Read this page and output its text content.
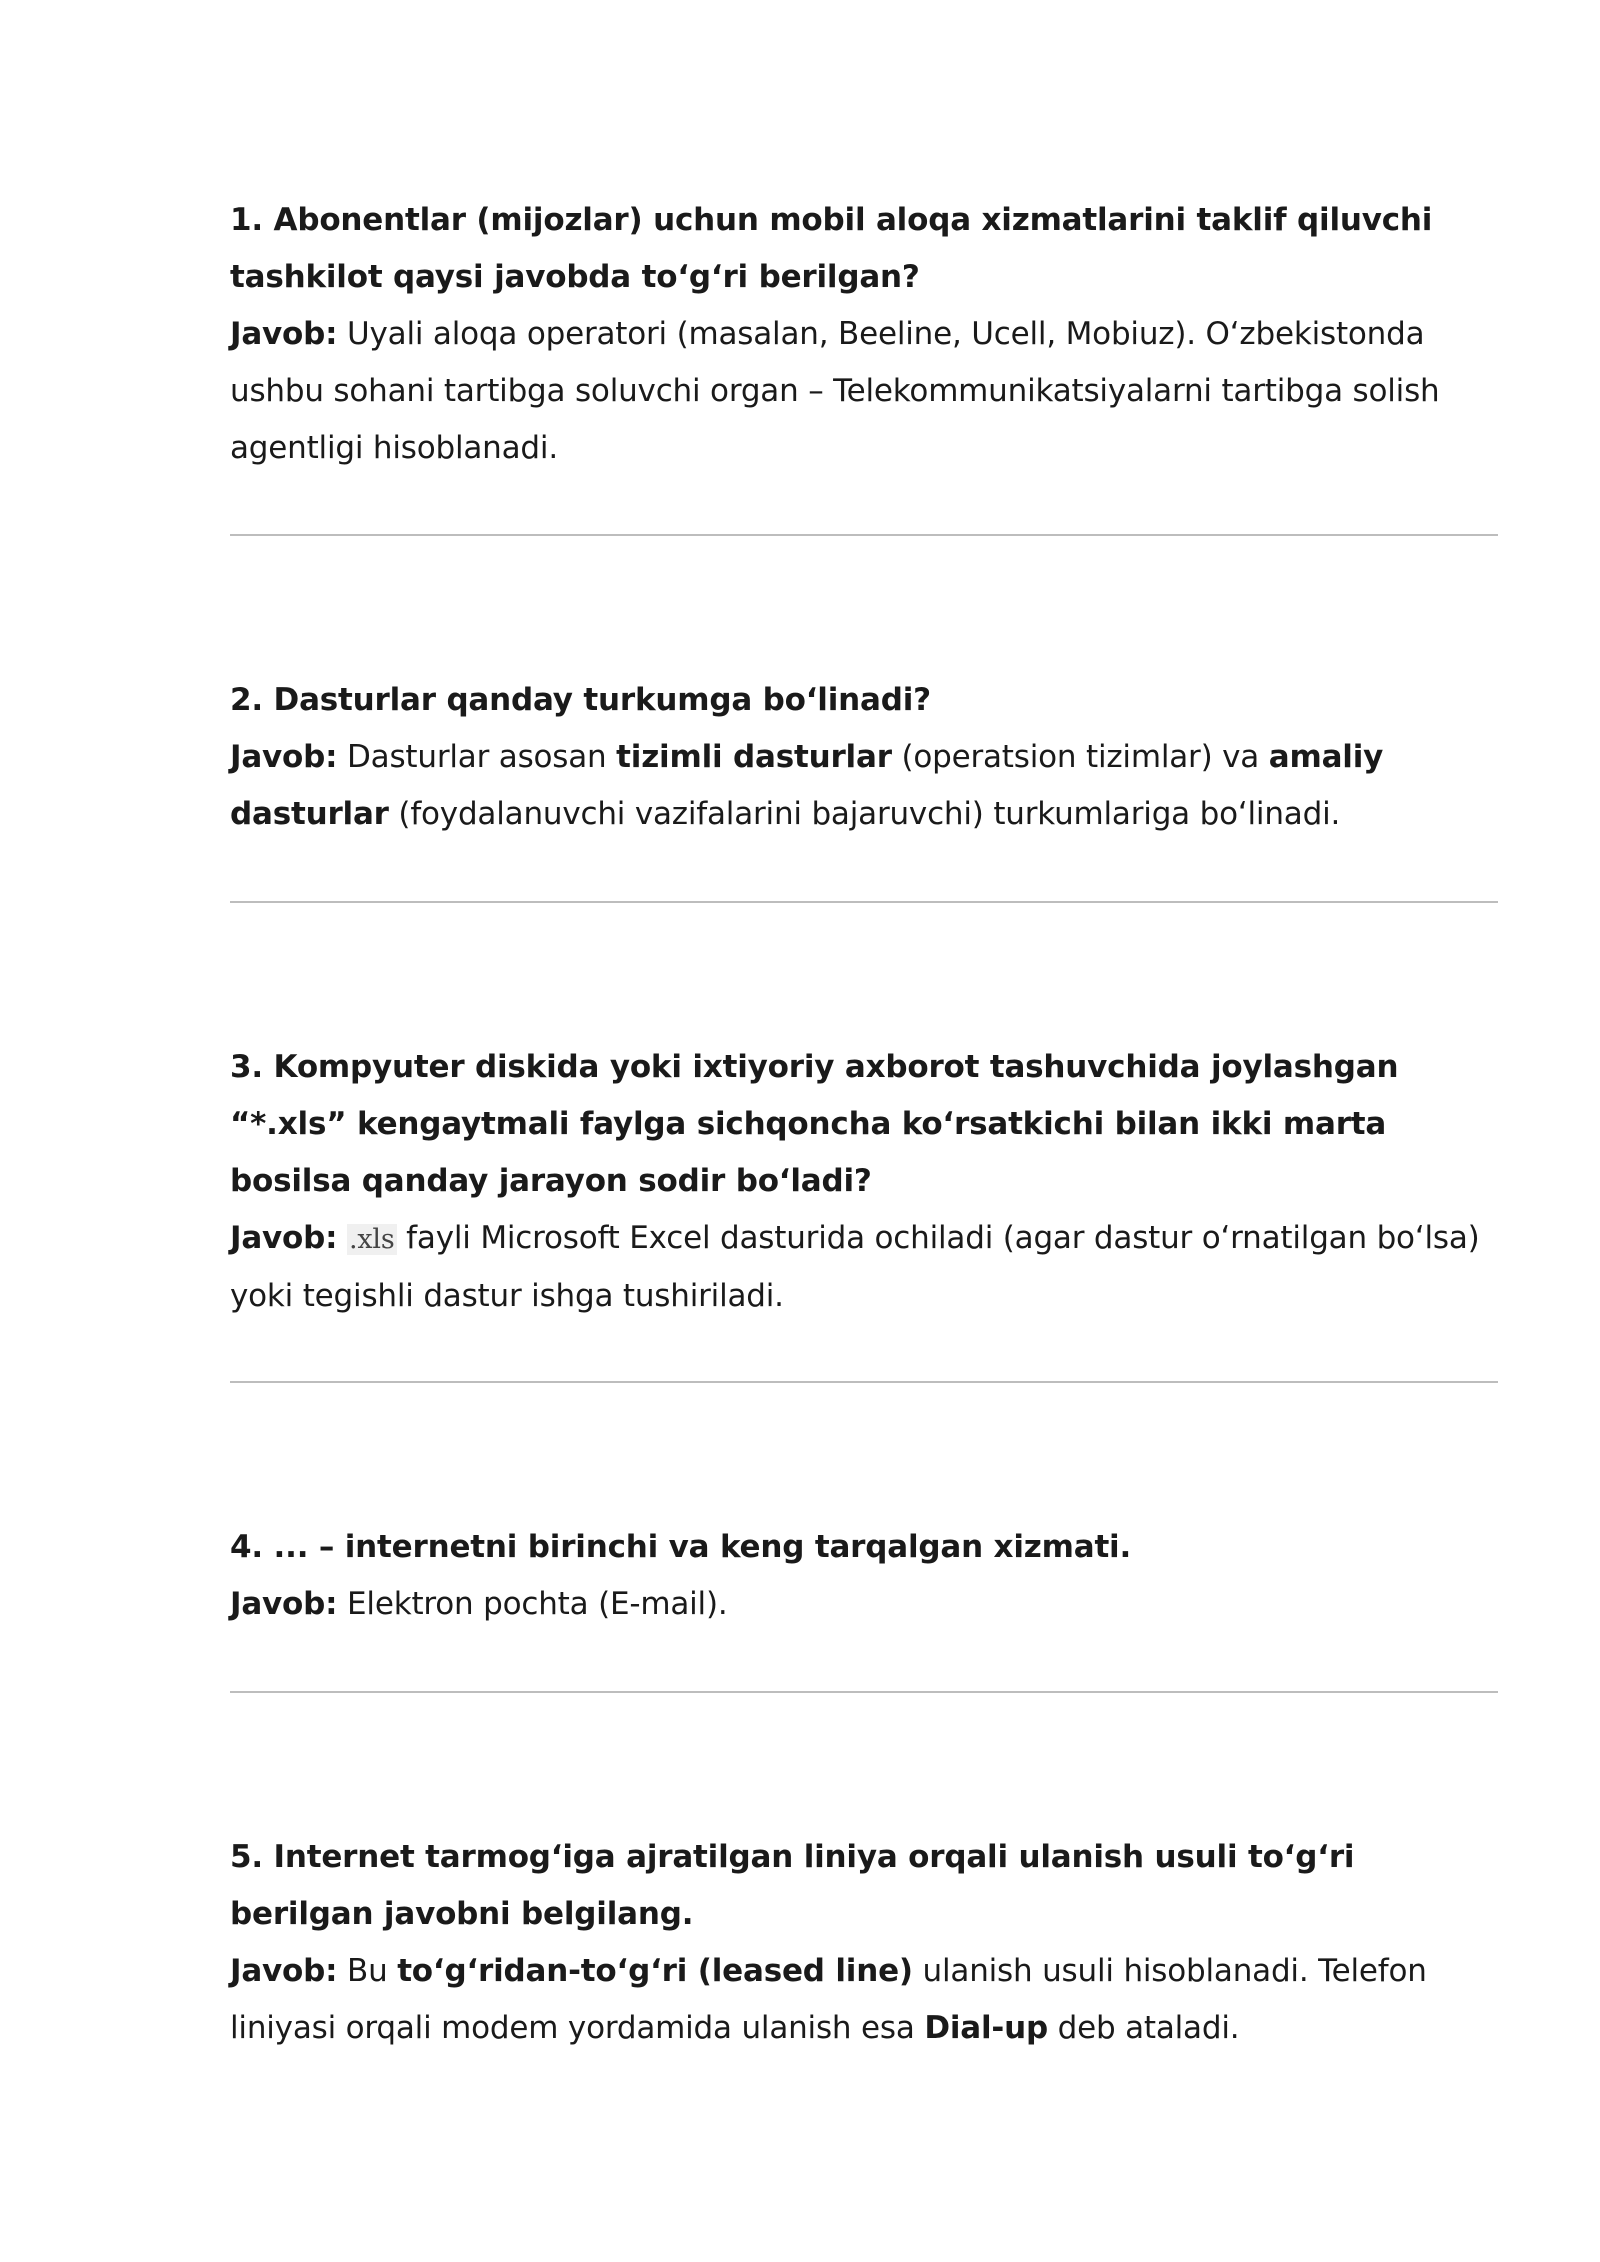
1. Abonentlar (mijozlar) uchun mobil aloqa xizmatlarini taklif qiluvchi tashkilot qaysi javobda to‘g‘ri berilgan?

Javob: Uyali aloqa operatori (masalan, Beeline, Ucell, Mobiuz). O‘zbekistonda ushbu sohani tartibga soluvchi organ – Telekommunikatsiyalarni tartibga solish agentligi hisoblanadi.

2. Dasturlar qanday turkumga bo‘linadi?

Javob: Dasturlar asosan tizimli dasturlar (operatsion tizimlar) va amaliy dasturlar (foydalanuvchi vazifalarini bajaruvchi) turkumlariga bo‘linadi.

3. Kompyuter diskida yoki ixtiyoriy axborot tashuvchida joylashgan “*.xls” kengaytmali faylga sichqoncha ko‘rsatkichi bilan ikki marta bosilsa qanday jarayon sodir bo‘ladi?

Javob: .xls fayli Microsoft Excel dasturida ochiladi (agar dastur o‘rnatilgan bo‘lsa) yoki tegishli dastur ishga tushiriladi.

4. ... – internetni birinchi va keng tarqalgan xizmati.

Javob: Elektron pochta (E-mail).

5. Internet tarmog‘iga ajratilgan liniya orqali ulanish usuli to‘g‘ri berilgan javobni belgilang.

Javob: Bu to‘g‘ridan-to‘g‘ri (leased line) ulanish usuli hisoblanadi. Telefon liniyasi orqali modem yordamida ulanish esa Dial-up deb ataladi.
